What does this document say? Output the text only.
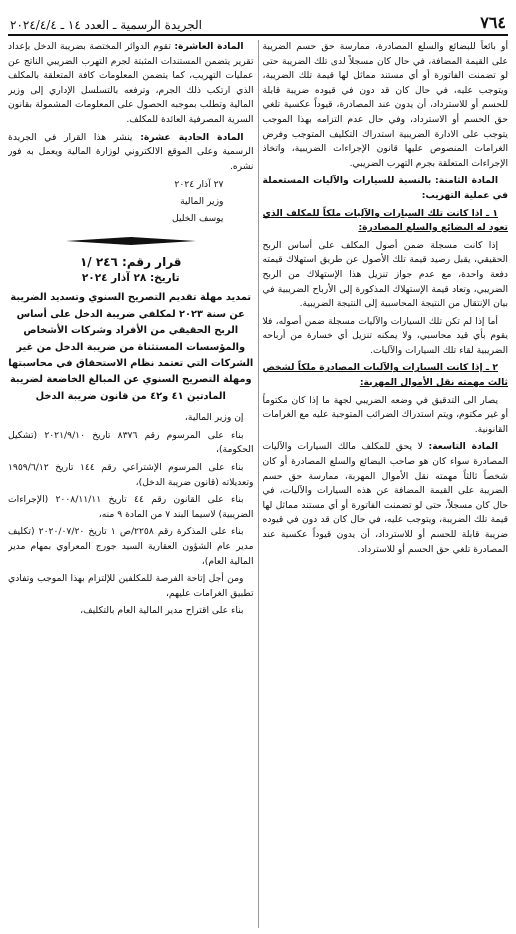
٧٦٤
الجريدة الرسمية ـ العدد ١٤ ـ ٢٠٢٤/٤/٤

أو بائعاً للبضائع والسلع المصادرة، ممارسة حق حسم الضريبة على القيمة المضافة، في حال كان مسجلاً لدى تلك الضريبة حتى لو تضمنت الفاتورة أو أي مستند مماثل لها قيمة تلك الضريبة، ويتوجب عليه، في حال كان قد دون في قيوده ضريبة قابلة للحسم أو للاسترداد، أن يدون عند المصادرة، قيوداً عكسية تلغي حق الحسم أو الاسترداد، وفي حال عدم التزامه بهذا الموجب يتوجب على الادارة الضريبية استدراك التكليف المتوجب وفرض الغرامات المنصوص عليها قانون الإجراءات الضريبية، واتخاذ الإجراءات المتعلقة بجرم التهرب الضريبي.

المادة الثامنة: بالنسبة للسيارات والآليات المستعملة في عملية التهريب:

١ ـ اذا كانت تلك السيارات والآليات ملكاً للمكلف الذي تعود له البضائع والسلع المصادرة:

إذا كانت مسجلة ضمن أصول المكلف على أساس الربح الحقيقي، يقبل رصيد قيمة تلك الأصول عن طريق استهلاك قيمته دفعة واحدة، مع عدم جواز تنزيل هذا الإستهلاك من الربح الضريبي، وتعاد قيمة الإستهلاك المذكورة إلى الأرباح الضريبية في بيان الإنتقال من النتيجة المحاسبية إلى النتيجة الضريبية.

أما إذا لم تكن تلك السيارات والآليات مسجلة ضمن أصوله، فلا يقوم بأي قيد محاسبي، ولا يمكنه تنزيل أي خسارة من أرباحه الضريبية لقاء تلك السيارات والآليات.

٢ ـ إذا كانت السيارات والآليات المصادرة ملكاً لشخص ثالث مهمته نقل الأموال المهربة:

يصار الى التدقيق في وضعه الضريبي لجهة ما إذا كان مكتوماً أو غير مكتوم، ويتم استدراك الضرائب المتوجبة عليه مع الغرامات القانونية.

المادة التاسعة: لا يحق للمكلف مالك السيارات والآليات المصادرة سواء كان هو صاحب البضائع والسلع المصادرة أو كان شخصاً ثالثاً مهمته نقل الأموال المهربة، ممارسة حق حسم الضريبة على القيمة المضافة عن هذه السيارات والآليات، في حال كان مسجلاً، حتى لو تضمنت الفاتورة أو أي مستند مماثل لها قيمة تلك الضريبة، ويتوجب عليه، في حال كان قد دون في قيوده ضريبة قابلة للحسم أو للاسترداد، أن يدون قيوداً عكسية عند المصادرة تلغي حق الحسم أو للاسترداد.

المادة العاشرة: تقوم الدوائر المختصة بضريبة الدخل بإعداد تقرير يتضمن المستندات المثبتة لجرم التهرب الضريبي الناتج عن عمليات التهريب، كما يتضمن المعلومات كافة المتعلقة بالمكلف الذي ارتكب ذلك الجرم، وترفعه بالتسلسل الإداري إلى وزير المالية وتطلب بموجبه الحصول على المعلومات المشمولة بقانون السرية المصرفية العائدة للمكلف.

المادة الحادية عشرة: ينشر هذا القرار في الجريدة الرسمية وعلى الموقع الالكتروني لوزارة المالية ويعمل به فور نشره.

٢٧ آذار ٢٠٢٤
وزير المالية
يوسف الخليل
قرار رقم: ٢٤٦ /١
تاريخ: ٢٨ آذار ٢٠٢٤
تمديد مهلة تقديم التصريح السنوي وتسديد الضريبة عن سنة ٢٠٢٣ لمكلفي ضريبة الدخل على أساس الربح الحقيقي من الأفراد وشركات الأشخاص والمؤسسات المستثناة من ضريبة الدخل من غير الشركات التي تعتمد نظام الاستحقاق في محاسبتها ومهلة التصريح السنوي عن المبالغ الخاضعة لضريبة المادتين ٤١ و٤٢ من قانون ضريبة الدخل

إن وزير المالية،

بناء على المرسوم رقم ٨٣٧٦ تاريخ ٢٠٢١/٩/١٠ (تشكيل الحكومة)،

بناء على المرسوم الإشتراعي رقم ١٤٤ تاريخ ١٩٥٩/٦/١٢ وتعديلاته (قانون ضريبة الدخل)،

بناء على القانون رقم ٤٤ تاريخ ٢٠٠٨/١١/١١ (الإجراءات الضريبية) لاسيما البند ٧ من المادة ٩ منه،

بناء على المذكرة رقم ٢٢٥٨/ص ١ تاريخ ٢٠٢٠/٠٧/٢٠ (تكليف مدير عام الشؤون العقارية السيد جورج المعراوي بمهام مدير المالية العام)،

ومن أجل إتاحة الفرصة للمكلفين للإلتزام بهذا الموجب وتفادي تطبيق الغرامات عليهم،

بناء على اقتراح مدير المالية العام بالتكليف،
